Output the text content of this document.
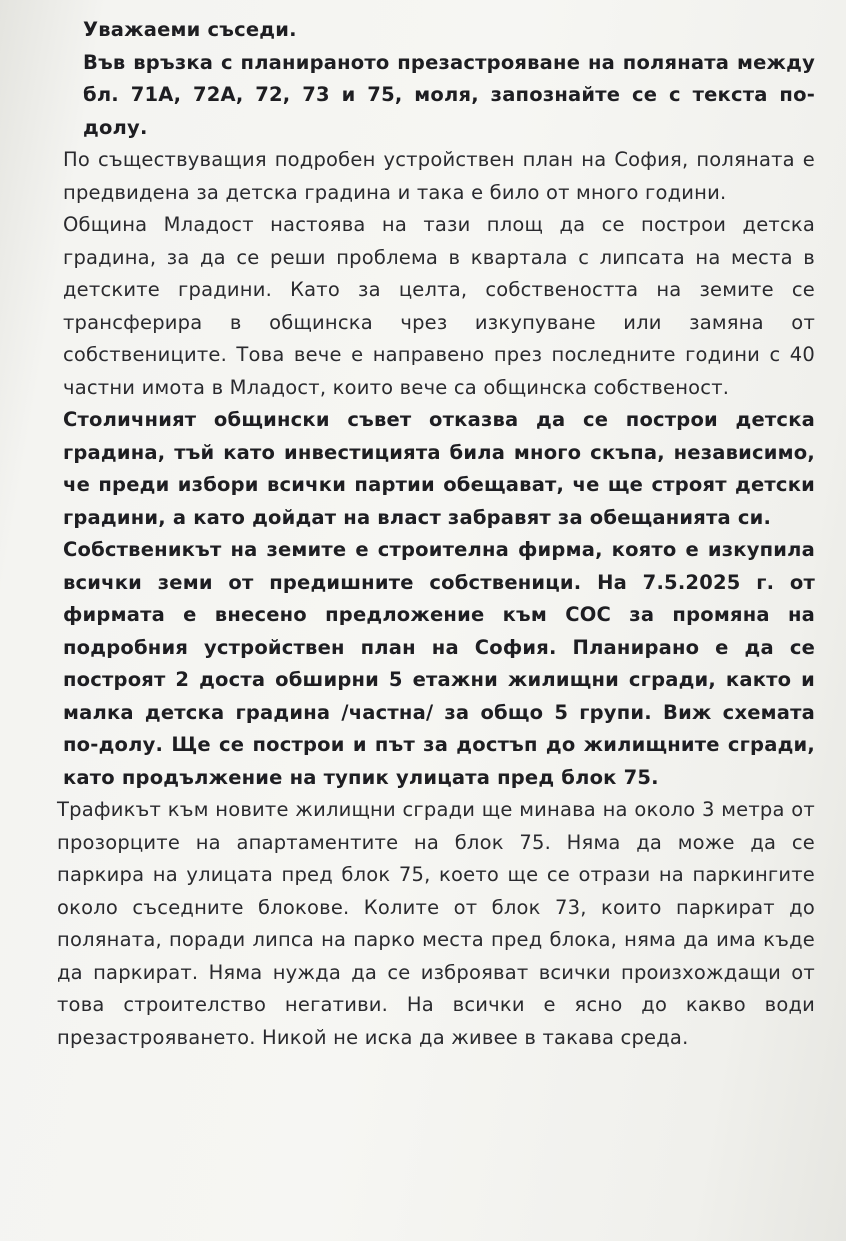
Уважаеми съседи.

Във връзка с планираното презастрояване на поляната между бл. 71А, 72А, 72, 73 и 75, моля, запознайте се с текста по-долу.

По съществуващия подробен устройствен план на София, поляната е предвидена за детска градина и така е било от много години.

Община Младост настоява на тази площ да се построи детска градина, за да се реши проблема в квартала с липсата на места в детските градини. Като за целта, собствеността на земите се трансферира в общинска чрез изкупуване или замяна от собствениците. Това вече е направено през последните години с 40 частни имота в Младост, които вече са общинска собственост.

Столичният общински съвет отказва да се построи детска градина, тъй като инвестицията била много скъпа, независимо, че преди избори всички партии обещават, че ще строят детски градини, а като дойдат на власт забравят за обещанията си.

Собственикът на земите е строителна фирма, която е изкупила всички земи от предишните собственици. На 7.5.2025 г. от фирмата е внесено предложение към СОС за промяна на подробния устройствен план на София. Планирано е да се построят 2 доста обширни 5 етажни жилищни сгради, както и малка детска градина /частна/ за общо 5 групи. Виж схемата по-долу. Ще се построи и път за достъп до жилищните сгради, като продължение на тупик улицата пред блок 75.

Трафикът към новите жилищни сгради ще минава на около 3 метра от прозорците на апартаментите на блок 75. Няма да може да се паркира на улицата пред блок 75, което ще се отрази на паркингите около съседните блокове. Колите от блок 73, които паркират до поляната, поради липса на парко места пред блока, няма да има къде да паркират. Няма нужда да се изброяват всички произхождащи от това строителство негативи. На всички е ясно до какво води презастрояването. Никой не иска да живее в такава среда.
